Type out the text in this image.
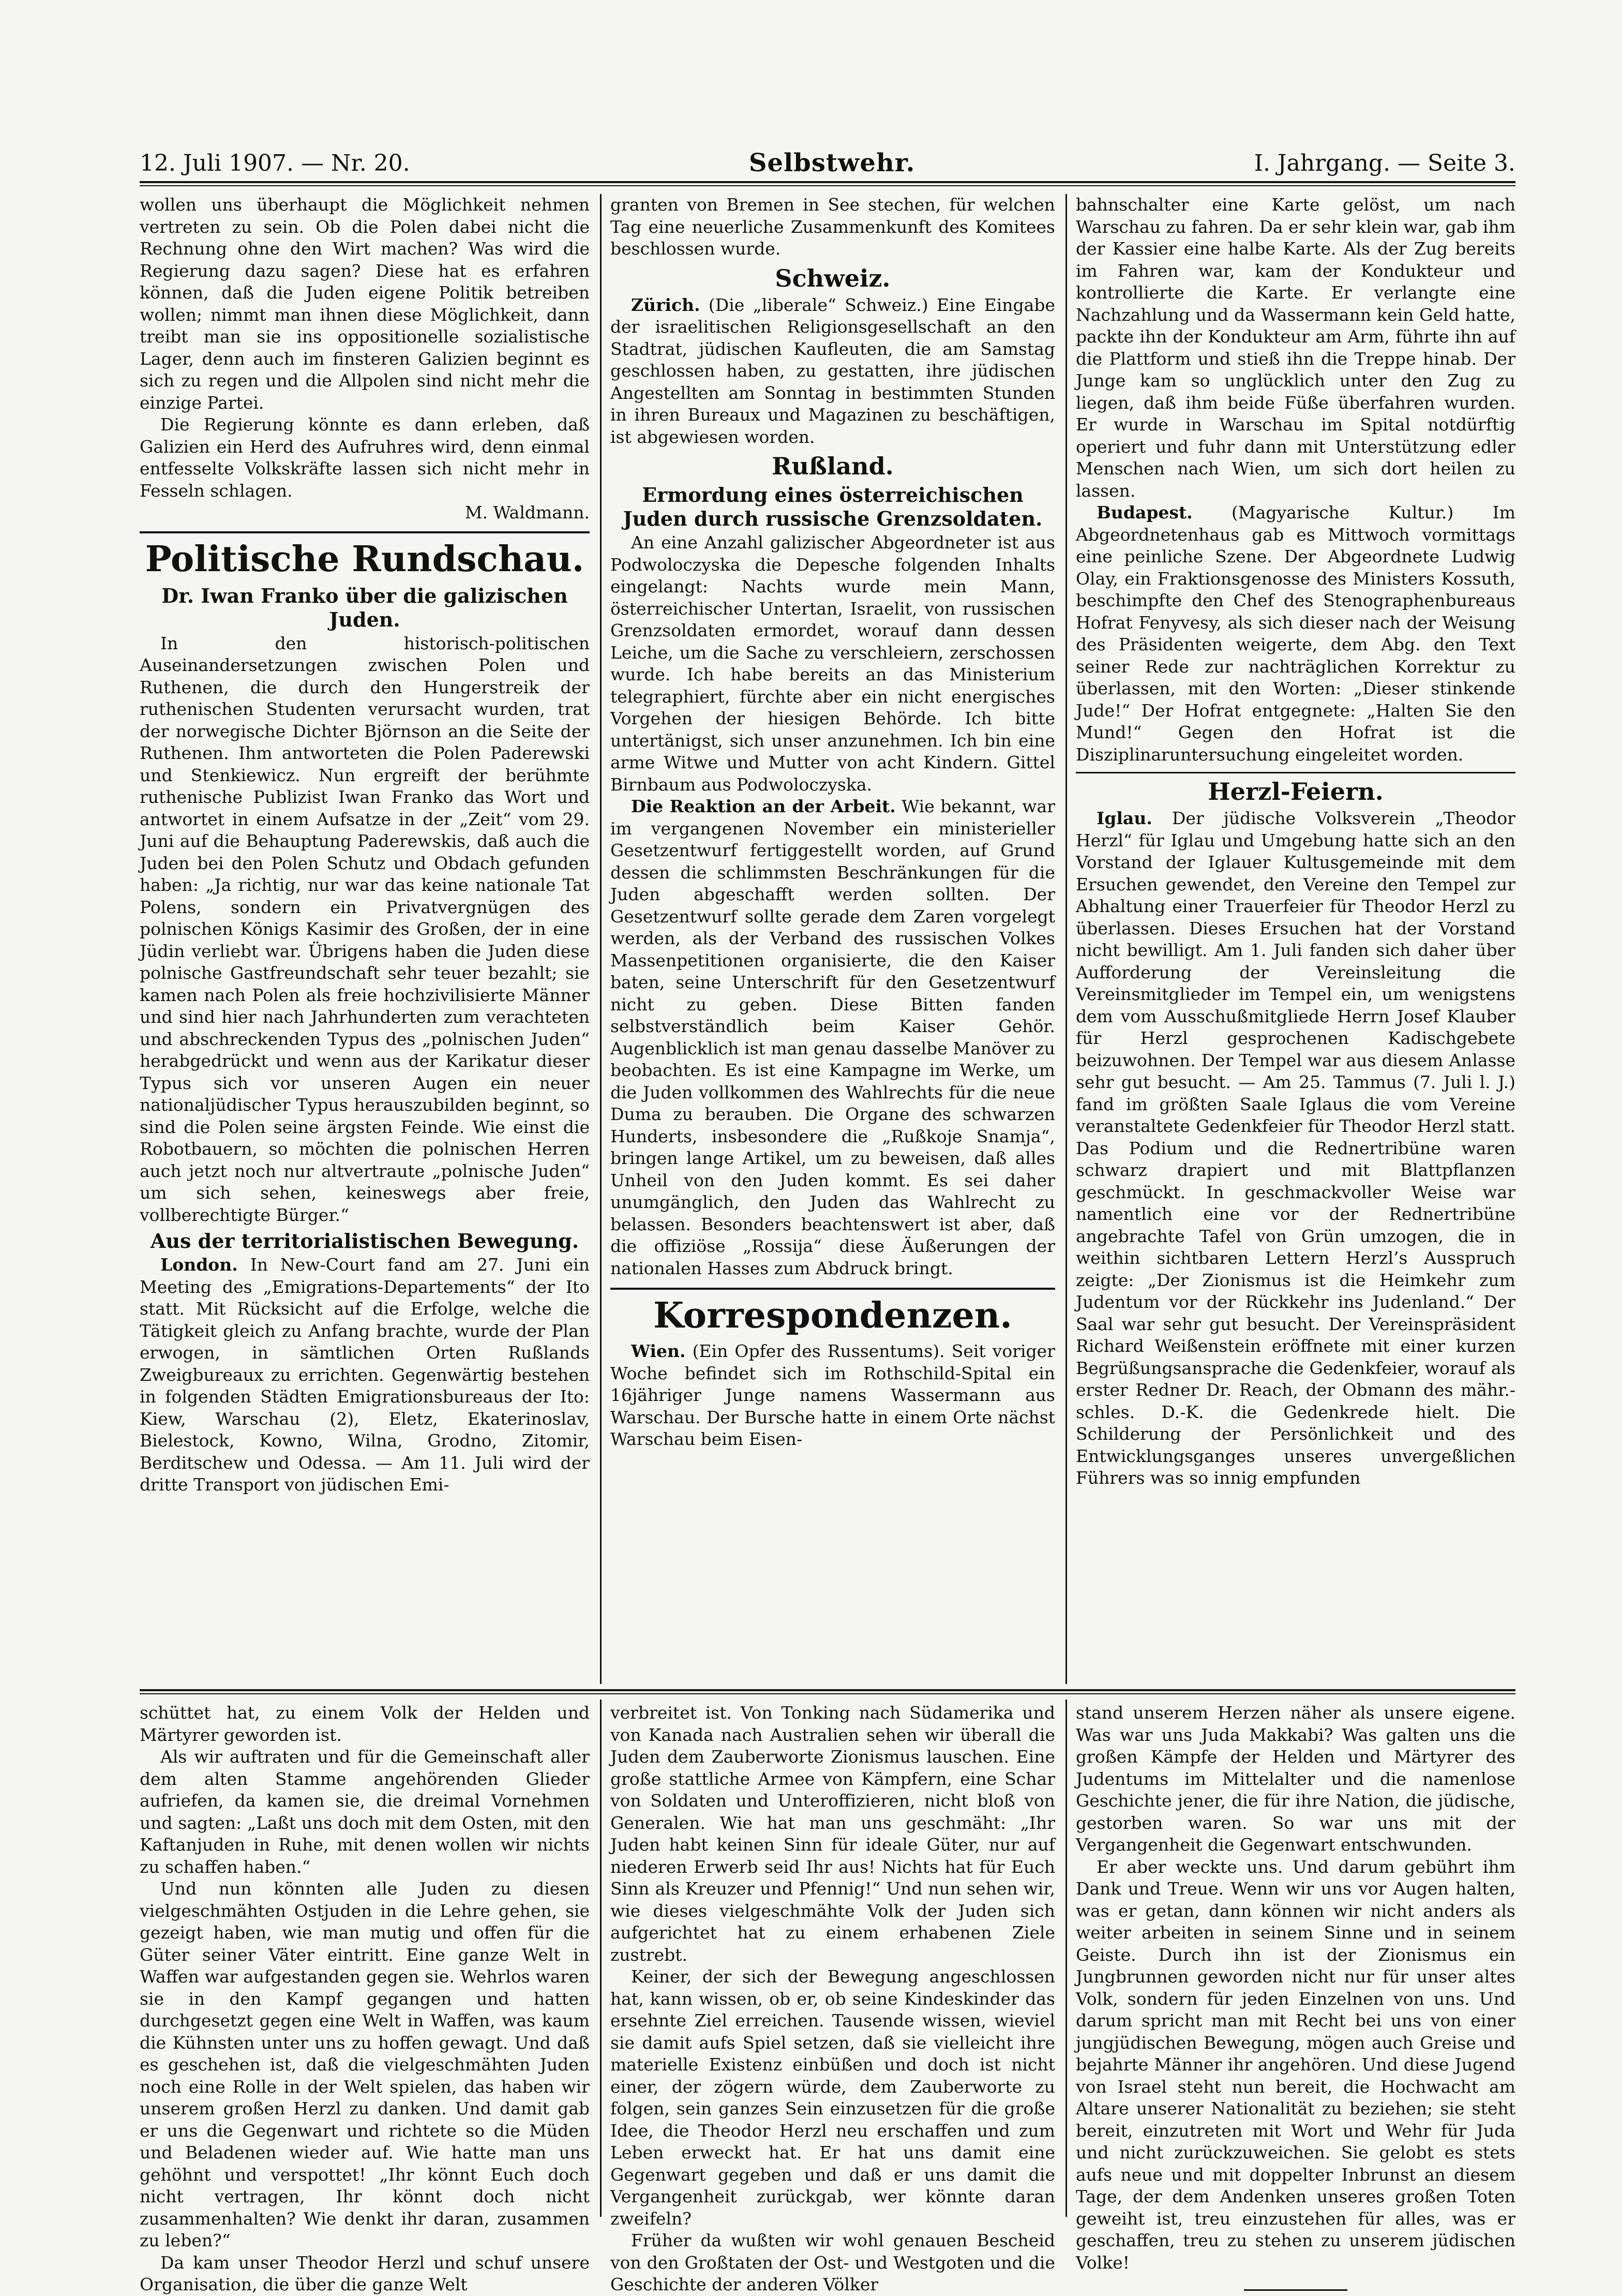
12. Juli 1907. — Nr. 20.	Selbstwehr.	I. Jahrgang. — Seite 3.

wollen uns überhaupt die Möglichkeit nehmen vertreten zu sein. Ob die Polen dabei nicht die Rechnung ohne den Wirt machen? Was wird die Regierung dazu sagen? Diese hat es erfahren können, daß die Juden eigene Politik betreiben wollen; nimmt man ihnen diese Möglichkeit, dann treibt man sie ins oppositionelle sozialistische Lager, denn auch im finsteren Galizien beginnt es sich zu regen und die Allpolen sind nicht mehr die einzige Partei.

Die Regierung könnte es dann erleben, daß Galizien ein Herd des Aufruhres wird, denn einmal entfesselte Volkskräfte lassen sich nicht mehr in Fesseln schlagen.

M. Waldmann.
Politische Rundschau.
Dr. Iwan Franko über die galizischen Juden.

In den historisch-politischen Auseinandersetzungen zwischen Polen und Ruthenen, die durch den Hungerstreik der ruthenischen Studenten verursacht wurden, trat der norwegische Dichter Björnson an die Seite der Ruthenen. Ihm antworteten die Polen Paderewski und Stenkiewicz. Nun ergreift der berühmte ruthenische Publizist Iwan Franko das Wort und antwortet in einem Aufsatze in der „Zeit“ vom 29. Juni auf die Behauptung Paderewskis, daß auch die Juden bei den Polen Schutz und Obdach gefunden haben: „Ja richtig, nur war das keine nationale Tat Polens, sondern ein Privatvergnügen des polnischen Königs Kasimir des Großen, der in eine Jüdin verliebt war. Übrigens haben die Juden diese polnische Gastfreundschaft sehr teuer bezahlt; sie kamen nach Polen als freie hochzivilisierte Männer und sind hier nach Jahrhunderten zum verachteten und abschreckenden Typus des „polnischen Juden“ herabgedrückt und wenn aus der Karikatur dieser Typus sich vor unseren Augen ein neuer nationaljüdischer Typus herauszubilden beginnt, so sind die Polen seine ärgsten Feinde. Wie einst die Robotbauern, so möchten die polnischen Herren auch jetzt noch nur altvertraute „polnische Juden“ um sich sehen, keineswegs aber freie, vollberechtigte Bürger.“

Aus der territorialistischen Bewegung.

London. In New-Court fand am 27. Juni ein Meeting des „Emigrations-Departements“ der Ito statt. Mit Rücksicht auf die Erfolge, welche die Tätigkeit gleich zu Anfang brachte, wurde der Plan erwogen, in sämtlichen Orten Rußlands Zweigbureaux zu errichten. Gegenwärtig bestehen in folgenden Städten Emigrationsbureaus der Ito: Kiew, Warschau (2), Eletz, Ekaterinoslav, Bielestock, Kowno, Wilna, Grodno, Zitomir, Berditschew und Odessa. — Am 11. Juli wird der dritte Transport von jüdischen Emi-

granten von Bremen in See stechen, für welchen Tag eine neuerliche Zusammenkunft des Komitees beschlossen wurde.

Schweiz.

Zürich. (Die „liberale“ Schweiz.) Eine Eingabe der israelitischen Religionsgesellschaft an den Stadtrat, jüdischen Kaufleuten, die am Samstag geschlossen haben, zu gestatten, ihre jüdischen Angestellten am Sonntag in bestimmten Stunden in ihren Bureaux und Magazinen zu beschäftigen, ist abgewiesen worden.

Rußland.
Ermordung eines österreichischen Juden durch russische Grenzsoldaten.

An eine Anzahl galizischer Abgeordneter ist aus Podwoloczyska die Depesche folgenden Inhalts eingelangt: Nachts wurde mein Mann, österreichischer Untertan, Israelit, von russischen Grenzsoldaten ermordet, worauf dann dessen Leiche, um die Sache zu verschleiern, zerschossen wurde. Ich habe bereits an das Ministerium telegraphiert, fürchte aber ein nicht energisches Vorgehen der hiesigen Behörde. Ich bitte untertänigst, sich unser anzunehmen. Ich bin eine arme Witwe und Mutter von acht Kindern. Gittel Birnbaum aus Podwoloczyska.

Die Reaktion an der Arbeit. Wie bekannt, war im vergangenen November ein ministerieller Gesetzentwurf fertiggestellt worden, auf Grund dessen die schlimmsten Beschränkungen für die Juden abgeschafft werden sollten. Der Gesetzentwurf sollte gerade dem Zaren vorgelegt werden, als der Verband des russischen Volkes Massenpetitionen organisierte, die den Kaiser baten, seine Unterschrift für den Gesetzentwurf nicht zu geben. Diese Bitten fanden selbstverständlich beim Kaiser Gehör. Augenblicklich ist man genau dasselbe Manöver zu beobachten. Es ist eine Kampagne im Werke, um die Juden vollkommen des Wahlrechts für die neue Duma zu berauben. Die Organe des schwarzen Hunderts, insbesondere die „Rußkoje Snamja“, bringen lange Artikel, um zu beweisen, daß alles Unheil von den Juden kommt. Es sei daher unumgänglich, den Juden das Wahlrecht zu belassen. Besonders beachtenswert ist aber, daß die offiziöse „Rossija“ diese Äußerungen der nationalen Hasses zum Abdruck bringt.

Korrespondenzen.

Wien. (Ein Opfer des Russentums). Seit voriger Woche befindet sich im Rothschild-Spital ein 16jähriger Junge namens Wassermann aus Warschau. Der Bursche hatte in einem Orte nächst Warschau beim Eisen-

bahnschalter eine Karte gelöst, um nach Warschau zu fahren. Da er sehr klein war, gab ihm der Kassier eine halbe Karte. Als der Zug bereits im Fahren war, kam der Kondukteur und kontrollierte die Karte. Er verlangte eine Nachzahlung und da Wassermann kein Geld hatte, packte ihn der Kondukteur am Arm, führte ihn auf die Plattform und stieß ihn die Treppe hinab. Der Junge kam so unglücklich unter den Zug zu liegen, daß ihm beide Füße überfahren wurden. Er wurde in Warschau im Spital notdürftig operiert und fuhr dann mit Unterstützung edler Menschen nach Wien, um sich dort heilen zu lassen.

Budapest. (Magyarische Kultur.) Im Abgeordnetenhaus gab es Mittwoch vormittags eine peinliche Szene. Der Abgeordnete Ludwig Olay, ein Fraktionsgenosse des Ministers Kossuth, beschimpfte den Chef des Stenographenbureaus Hofrat Fenyvesy, als sich dieser nach der Weisung des Präsidenten weigerte, dem Abg. den Text seiner Rede zur nachträglichen Korrektur zu überlassen, mit den Worten: „Dieser stinkende Jude!“ Der Hofrat entgegnete: „Halten Sie den Mund!“ Gegen den Hofrat ist die Disziplinaruntersuchung eingeleitet worden.

Herzl-Feiern.

Iglau. Der jüdische Volksverein „Theodor Herzl“ für Iglau und Umgebung hatte sich an den Vorstand der Iglauer Kultusgemeinde mit dem Ersuchen gewendet, den Vereine den Tempel zur Abhaltung einer Trauerfeier für Theodor Herzl zu überlassen. Dieses Ersuchen hat der Vorstand nicht bewilligt. Am 1. Juli fanden sich daher über Aufforderung der Vereinsleitung die Vereinsmitglieder im Tempel ein, um wenigstens dem vom Ausschußmitgliede Herrn Josef Klauber für Herzl gesprochenen Kadischgebete beizuwohnen. Der Tempel war aus diesem Anlasse sehr gut besucht. — Am 25. Tammus (7. Juli l. J.) fand im größten Saale Iglaus die vom Vereine veranstaltete Gedenkfeier für Theodor Herzl statt. Das Podium und die Rednertribüne waren schwarz drapiert und mit Blattpflanzen geschmückt. In geschmackvoller Weise war namentlich eine vor der Rednertribüne angebrachte Tafel von Grün umzogen, die in weithin sichtbaren Lettern Herzl’s Ausspruch zeigte: „Der Zionismus ist die Heimkehr zum Judentum vor der Rückkehr ins Judenland.“ Der Saal war sehr gut besucht. Der Vereinspräsident Richard Weißenstein eröffnete mit einer kurzen Begrüßungsansprache die Gedenkfeier, worauf als erster Redner Dr. Reach, der Obmann des mähr.-schles. D.-K. die Gedenkrede hielt. Die Schilderung der Persönlichkeit und des Entwicklungsganges unseres unvergeßlichen Führers was so innig empfunden

schüttet hat, zu einem Volk der Helden und Märtyrer geworden ist.

Als wir auftraten und für die Gemeinschaft aller dem alten Stamme angehörenden Glieder aufriefen, da kamen sie, die dreimal Vornehmen und sagten: „Laßt uns doch mit dem Osten, mit den Kaftanjuden in Ruhe, mit denen wollen wir nichts zu schaffen haben.“

Und nun könnten alle Juden zu diesen vielgeschmähten Ostjuden in die Lehre gehen, sie gezeigt haben, wie man mutig und offen für die Güter seiner Väter eintritt. Eine ganze Welt in Waffen war aufgestanden gegen sie. Wehrlos waren sie in den Kampf gegangen und hatten durchgesetzt gegen eine Welt in Waffen, was kaum die Kühnsten unter uns zu hoffen gewagt. Und daß es geschehen ist, daß die vielgeschmähten Juden noch eine Rolle in der Welt spielen, das haben wir unserem großen Herzl zu danken. Und damit gab er uns die Gegenwart und richtete so die Müden und Beladenen wieder auf. Wie hatte man uns gehöhnt und verspottet! „Ihr könnt Euch doch nicht vertragen, Ihr könnt doch nicht zusammenhalten? Wie denkt ihr daran, zusammen zu leben?“

Da kam unser Theodor Herzl und schuf unsere Organisation, die über die ganze Welt

verbreitet ist. Von Tonking nach Südamerika und von Kanada nach Australien sehen wir überall die Juden dem Zauberworte Zionismus lauschen. Eine große stattliche Armee von Kämpfern, eine Schar von Soldaten und Unteroffizieren, nicht bloß von Generalen. Wie hat man uns geschmäht: „Ihr Juden habt keinen Sinn für ideale Güter, nur auf niederen Erwerb seid Ihr aus! Nichts hat für Euch Sinn als Kreuzer und Pfennig!“ Und nun sehen wir, wie dieses vielgeschmähte Volk der Juden sich aufgerichtet hat zu einem erhabenen Ziele zustrebt.

Keiner, der sich der Bewegung angeschlossen hat, kann wissen, ob er, ob seine Kindeskinder das ersehnte Ziel erreichen. Tausende wissen, wieviel sie damit aufs Spiel setzen, daß sie vielleicht ihre materielle Existenz einbüßen und doch ist nicht einer, der zögern würde, dem Zauberworte zu folgen, sein ganzes Sein einzusetzen für die große Idee, die Theodor Herzl neu erschaffen und zum Leben erweckt hat. Er hat uns damit eine Gegenwart gegeben und daß er uns damit die Vergangenheit zurückgab, wer könnte daran zweifeln?

Früher da wußten wir wohl genauen Bescheid von den Großtaten der Ost- und Westgoten und die Geschichte der anderen Völker

stand unserem Herzen näher als unsere eigene. Was war uns Juda Makkabi? Was galten uns die großen Kämpfe der Helden und Märtyrer des Judentums im Mittelalter und die namenlose Geschichte jener, die für ihre Nation, die jüdische, gestorben waren. So war uns mit der Vergangenheit die Gegenwart entschwunden.

Er aber weckte uns. Und darum gebührt ihm Dank und Treue. Wenn wir uns vor Augen halten, was er getan, dann können wir nicht anders als weiter arbeiten in seinem Sinne und in seinem Geiste. Durch ihn ist der Zionismus ein Jungbrunnen geworden nicht nur für unser altes Volk, sondern für jeden Einzelnen von uns. Und darum spricht man mit Recht bei uns von einer jungjüdischen Bewegung, mögen auch Greise und bejahrte Männer ihr angehören. Und diese Jugend von Israel steht nun bereit, die Hochwacht am Altare unserer Nationalität zu beziehen; sie steht bereit, einzutreten mit Wort und Wehr für Juda und nicht zurückzuweichen. Sie gelobt es stets aufs neue und mit doppelter Inbrunst an diesem Tage, der dem Andenken unseres großen Toten geweiht ist, treu einzustehen für alles, was er geschaffen, treu zu stehen zu unserem jüdischen Volke!
